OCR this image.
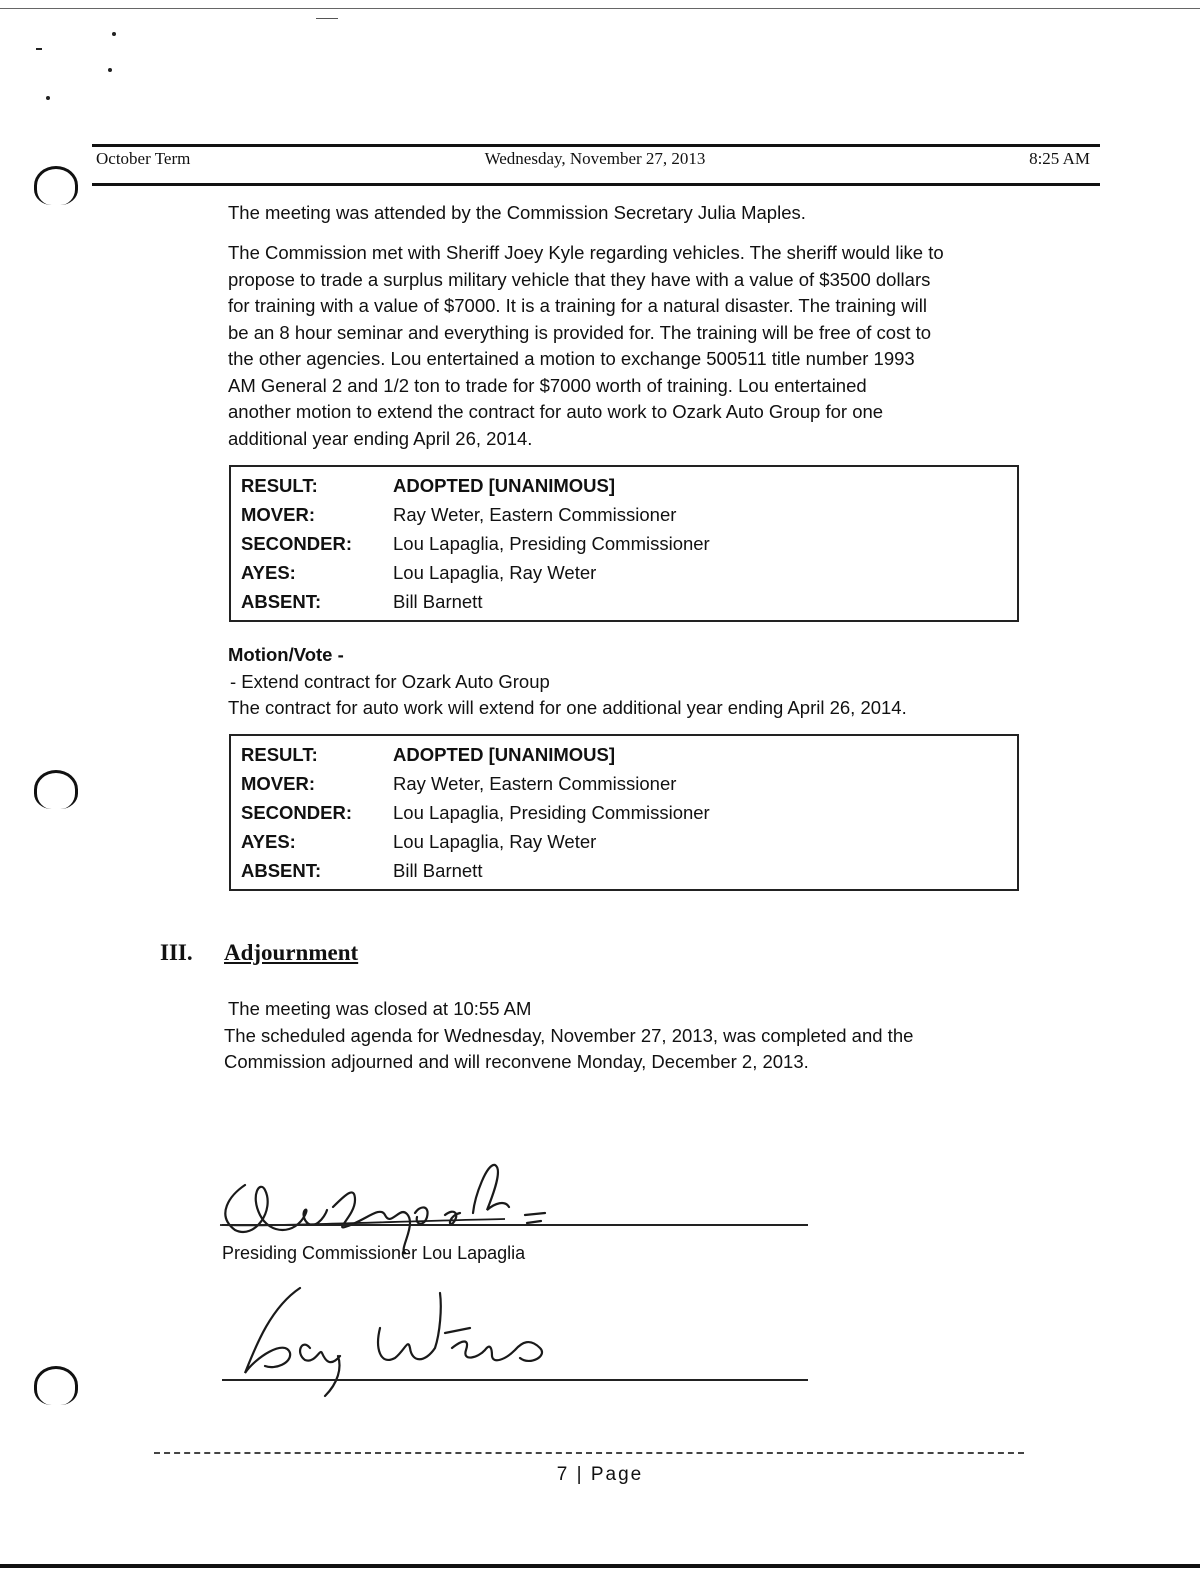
October Term	Wednesday, November 27, 2013	8:25 AM

The meeting was attended by the Commission Secretary Julia Maples.

The Commission met with Sheriff Joey Kyle regarding vehicles. The sheriff would like to

propose to trade a surplus military vehicle that they have with a value of $3500 dollars

for training with a value of $7000. It is a training for a natural disaster. The training will

be an 8 hour seminar and everything is provided for. The training will be free of cost to

the other agencies. Lou entertained a motion to exchange 500511 title number 1993

AM General 2 and 1/2 ton to trade for $7000 worth of training. Lou entertained

another motion to extend the contract for auto work to Ozark Auto Group for one

additional year ending April 26, 2014.

RESULT:	ADOPTED [UNANIMOUS]
MOVER:	Ray Weter, Eastern Commissioner
SECONDER:	Lou Lapaglia, Presiding Commissioner
AYES:	Lou Lapaglia, Ray Weter
ABSENT:	Bill Barnett

Motion/Vote -

- Extend contract for Ozark Auto Group

The contract for auto work will extend for one additional year ending April 26, 2014.

RESULT:	ADOPTED [UNANIMOUS]
MOVER:	Ray Weter, Eastern Commissioner
SECONDER:	Lou Lapaglia, Presiding Commissioner
AYES:	Lou Lapaglia, Ray Weter
ABSENT:	Bill Barnett
III. Adjournment

The meeting was closed at 10:55 AM

The scheduled agenda for Wednesday, November 27, 2013, was completed and the

Commission adjourned and will reconvene Monday, December 2, 2013.

Presiding Commissioner Lou Lapaglia
7 | Page
